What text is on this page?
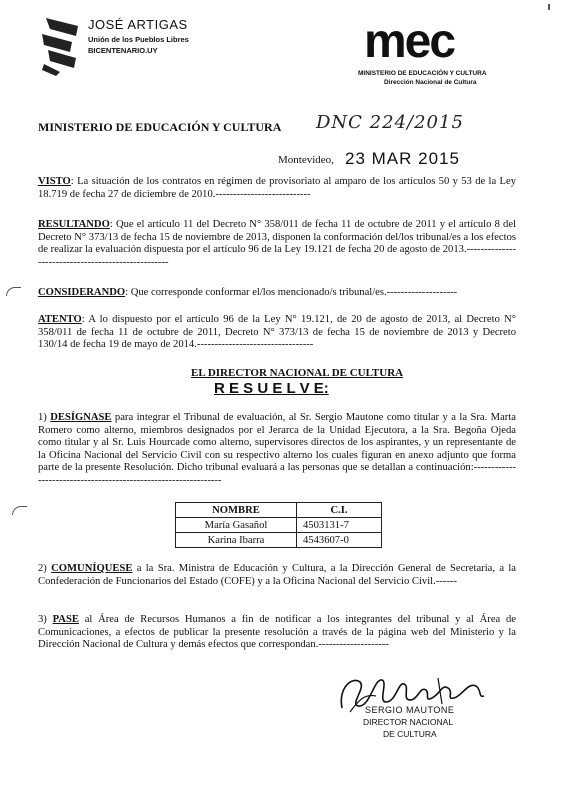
JOSÉ ARTIGAS
Unión de los Pueblos Libres
BICENTENARIO.UY	mec
MINISTERIO DE EDUCACIÓN Y CULTURA
Dirección Nacional de Cultura
MINISTERIO DE EDUCACIÓN Y CULTURA DNC 224/2015
Montevideo, 23 MAR 2015

VISTO: La situación de los contratos en régimen de provisoriato al amparo de los artículos 50 y 53 de la Ley 18.719 de fecha 27 de diciembre de 2010.---------------------------

RESULTANDO: Que el artículo 11 del Decreto N° 358/011 de fecha 11 de octubre de 2011 y el artículo 8 del Decreto N° 373/13 de fecha 15 de noviembre de 2013, disponen la conformación del/los tribunal/es a los efectos de realizar la evaluación dispuesta por el artículo 96 de la Ley 19.121 de fecha 20 de agosto de 2013.---------------------------------------------------

CONSIDERANDO: Que corresponde conformar el/los mencionado/s tribunal/es.--------------------

ATENTO: A lo dispuesto por el artículo 96 de la Ley N° 19.121, de 20 de agosto de 2013, al Decreto N° 358/011 de fecha 11 de octubre de 2011, Decreto N° 373/13 de fecha 15 de noviembre de 2013 y Decreto 130/14 de fecha 19 de mayo de 2014.---------------------------------

EL DIRECTOR NACIONAL DE CULTURA
R E S U E L V E:

1) DESÍGNASE para integrar el Tribunal de evaluación, al Sr. Sergio Mautone como titular y a la Sra. Marta Romero como alterno, miembros designados por el Jerarca de la Unidad Ejecutora, a la Sra. Begoña Ojeda como titular y al Sr. Luis Hourcade como alterno, supervisores directos de los aspirantes, y un representante de la Oficina Nacional del Servicio Civil con su respectivo alterno los cuales figuran en anexo adjunto que forma parte de la presente Resolución. Dicho tribunal evaluará a las personas que se detallan a continuación:----------------------------------------------------------------

NOMBRE	C.I.
María Gasañol	4503131-7
Karina Ibarra	4543607-0

2) COMUNÍQUESE a la Sra. Ministra de Educación y Cultura, a la Dirección General de Secretaria, a la Confederación de Funcionarios del Estado (COFE) y a la Oficina Nacional del Servicio Civil.------

3) PASE al Área de Recursos Humanos a fin de notificar a los integrantes del tribunal y al Área de Comunicaciones, a efectos de publicar la presente resolución a través de la página web del Ministerio y la Dirección Nacional de Cultura y demás efectos que correspondan.--------------------

SERGIO MAUTONE
DIRECTOR NACIONAL
DE CULTURA
